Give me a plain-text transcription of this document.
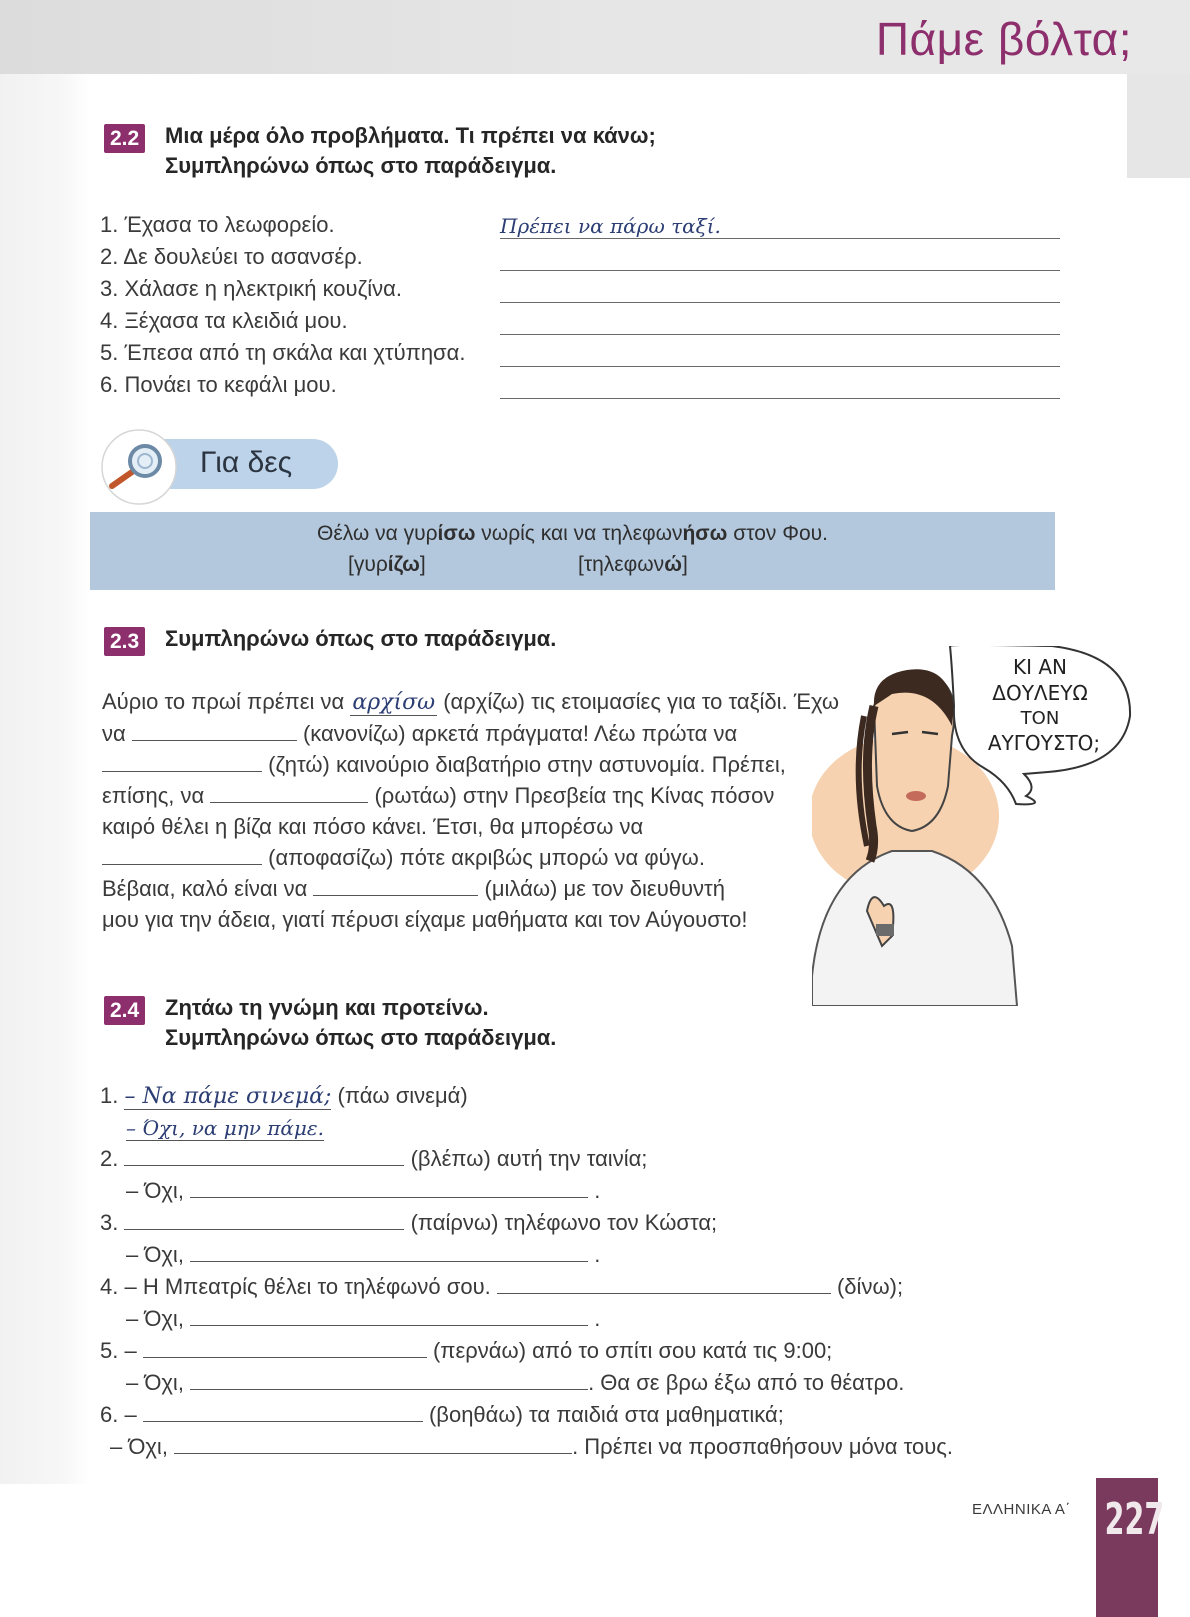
Πάμε βόλτα;
2.2 Μια μέρα όλο προβλήματα. Τι πρέπει να κάνω;
Συμπληρώνω όπως στο παράδειγμα.
1. Έχασα το λεωφορείο.	Πρέπει να πάρω ταξί.
2. Δε δουλεύει το ασανσέρ.
3. Χάλασε η ηλεκτρική κουζίνα.
4. Ξέχασα τα κλειδιά μου.
5. Έπεσα από τη σκάλα και χτύπησα.
6. Πονάει το κεφάλι μου.
Για δες
Θέλω να γυρίσω νωρίς και να τηλεφωνήσω στον Φου.
[γυρίζω]	[τηλεφωνώ]
2.3 Συμπληρώνω όπως στο παράδειγμα.
Αύριο το πρωί πρέπει να αρχίσω (αρχίζω) τις ετοιμασίες για το ταξίδι. Έχω
να	(κανονίζω) αρκετά πράγματα! Λέω πρώτα να
(ζητώ) καινούριο διαβατήριο στην αστυνομία. Πρέπει,
επίσης, να	(ρωτάω) στην Πρεσβεία της Κίνας πόσον
καιρό θέλει η βίζα και πόσο κάνει. Έτσι, θα μπορέσω να
(αποφασίζω) πότε ακριβώς μπορώ να φύγω.
Βέβαια, καλό είναι να	(μιλάω) με τον διευθυντή
μου για την άδεια, γιατί πέρυσι είχαμε μαθήματα και τον Αύγουστο!
ΚΙ ΑΝ
ΔΟΥΛΕΥΩ
ΤΟΝ
ΑΥΓΟΥΣΤΟ;
2.4 Ζητάω τη γνώμη και προτείνω.
Συμπληρώνω όπως στο παράδειγμα.
1. – Να πάμε σινεμά; (πάω σινεμά)
– Όχι, να μην πάμε.
2.	(βλέπω) αυτή την ταινία;
– Όχι,	.
3.	(παίρνω) τηλέφωνο τον Κώστα;
– Όχι,	.
4. – Η Μπεατρίς θέλει το τηλέφωνό σου.	(δίνω);
– Όχι,	.
5. –	(περνάω) από το σπίτι σου κατά τις 9:00;
– Όχι,	. Θα σε βρω έξω από το θέατρο.
6. –	(βοηθάω) τα παιδιά στα μαθηματικά;
– Όχι,	. Πρέπει να προσπαθήσουν μόνα τους.
ΕΛΛΗΝΙΚΑ Α΄ 227
